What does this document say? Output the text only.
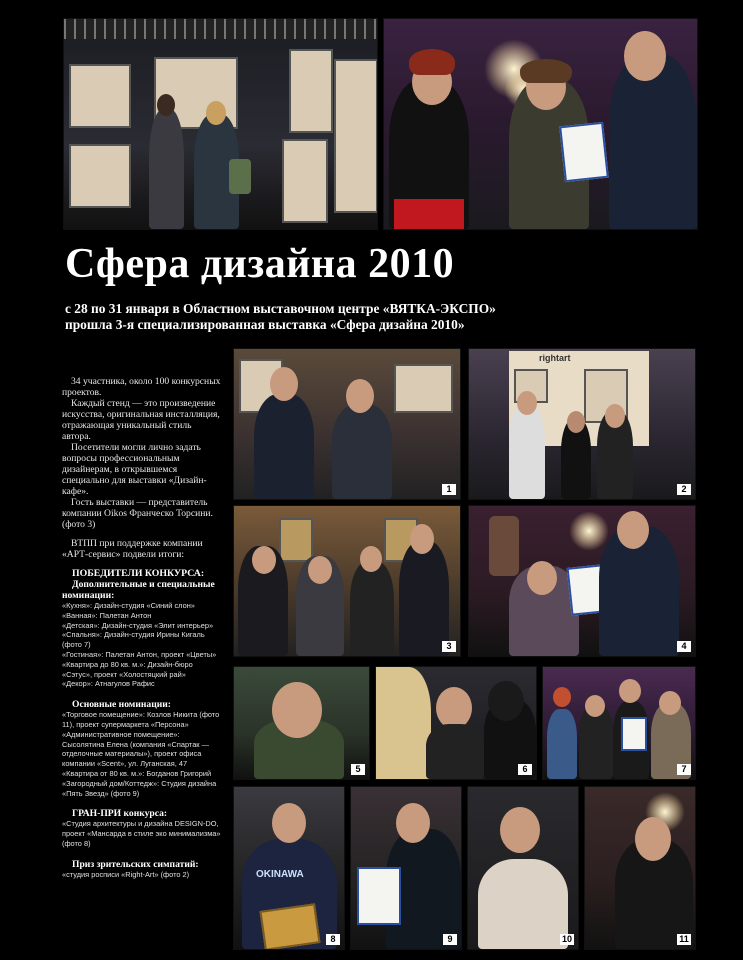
Сфера дизайна 2010

с 28 по 31 января в Областном выставочном центре «ВЯТКА-ЭКСПО»
прошла 3-я специализированная выставка «Сфера дизайна 2010»

34 участника, около 100 конкурсных проектов.

Каждый стенд — это произведение искусства, оригинальная инсталляция, отражающая уникальный стиль автора.

Посетители могли лично задать вопросы профессиональным дизайнерам, в открывшемся специально для выставки «Дизайн-кафе».

Гость выставки — представитель компании Oikos Франческо Торсини. (фото 3)

ВТПП при поддержке компании «АРТ-сервис» подвели итоги:

ПОБЕДИТЕЛИ КОНКУРСА:

Дополнительные и специальные номинации:

«Кухня»: Дизайн-студия «Синий слон»
«Ванная»: Палетан Антон
«Детская»: Дизайн-студия «Элит интерьер»
«Спальня»: Дизайн-студия Ирины Кигаль (фото 7)
«Гостиная»: Палетан Антон, проект «Цветы»
«Квартира до 80 кв. м.»: Дизайн-бюро «Сэтус», проект «Холостяцкий рай»
«Декор»: Атнагулов Рафис

Основные номинации:

«Торговое помещение»: Козлов Никита (фото 11), проект супермаркета «Персона»
«Административное помещение»: Сысолятина Елена (компания «Спартак — отделочные материалы»), проект офиса компании «Scent», ул. Луганская, 47
«Квартира от 80 кв. м.»: Богданов Григорий
«Загородный дом/Коттедж»: Студия дизайна «Пять Звезд» (фото 9)

ГРАН-ПРИ конкурса:

«Студия архитектуры и дизайна DESIGN-DO, проект «Мансарда в стиле эко минимализма» (фото 8)

Приз зрительских симпатий:

«студия росписи «Right-Art» (фото 2)
1
rightart
2
3	4
5	6	7
OKINAWA
8	9	10	11
